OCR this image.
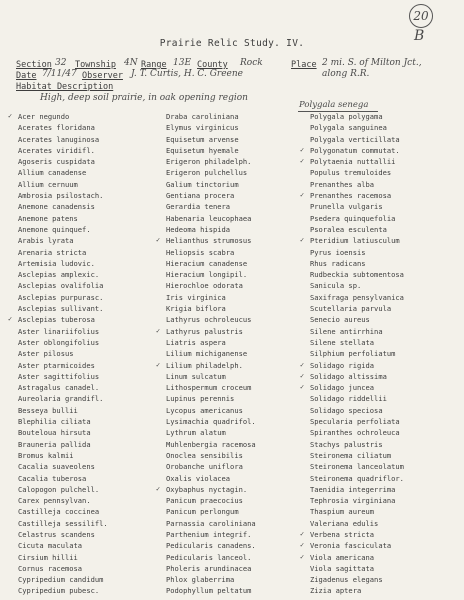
20
B
Prairie Relic Study. IV.
Section 32 Township 4N Range 13E County Rock	Place 2 mi. S. of Milton Jct., along R.R.
Date 7/11/47 Observer J. T. Curtis, H. C. Greene
Habitat Description
High, deep soil prairie, in oak opening region
Polygala senega
✓ Acer negundo
Acerates floridana
Acerates lanuginosa
Acerates viridifl.
Agoseris cuspidata
Allium canadense
Allium cernuum
Ambrosia psilostach.
Anemone canadensis
Anemone patens
Anemone quinquef.
Arabis lyrata
Arenaria stricta
Artemisia ludovic.
Asclepias amplexic.
Asclepias ovalifolia
Asclepias purpurasc.
Asclepias sullivant.
✓ Asclepias tuberosa
Aster linariifolius
Aster oblongifolius
Aster pilosus
Aster ptarmicoides
Aster sagittifolius
Astragalus canadel.
Aureolaria grandifl.
Besseya bullii
Blephilia ciliata
Bouteloua hirsuta
Brauneria pallida
Bromus kalmii
Cacalia suaveolens
Cacalia tuberosa
Calopogon pulchell.
Carex pennsylvan.
Castilleja coccinea
Castilleja sessilifl.
Celastrus scandens
Cicuta maculata
Cirsium hillii
Cornus racemosa
Cypripedium candidum
Cypripedium pubesc.
Draba caroliniana
Elymus virginicus
Equisetum arvense
Equisetum hyemale
Erigeron philadelph.
Erigeron pulchellus
Galium tinctorium
Gentiana procera
Gerardia tenera
Habenaria leucophaea
Hedeoma hispida
✓ Helianthus strumosus
Heliopsis scabra
Hieracium canadense
Hieracium longipil.
Hierochloe odorata
Iris virginica
Krigia biflora
Lathyrus ochroleucus
✓ Lathyrus palustris
Liatris aspera
Lilium michiganense
✓ Lilium philadelph.
Linum sulcatum
Lithospermum croceum
Lupinus perennis
Lycopus americanus
Lysimachia quadrifol.
Lythrum alatum
Muhlenbergia racemosa
Onoclea sensibilis
Orobanche uniflora
Oxalis violacea
✓ Oxybaphus nyctagin.
Panicum praecocius
Panicum perlongum
Parnassia caroliniana
Parthenium integrif.
Pedicularis canadens.
Pedicularis lanceol.
Pholeris arundinacea
Phlox glaberrima
Podophyllum peltatum
Polygala polygama
Polygala sanguinea
Polygala verticillata
✓ Polygonatum commutat.
✓ Polytaenia nuttallii
Populus tremuloides
Prenanthes alba
✓ Prenanthes racemosa
Prunella vulgaris
Psedera quinquefolia
Psoralea esculenta
✓ Pteridium latiusculum
Pyrus ioensis
Rhus radicans
Rudbeckia subtomentosa
Sanicula sp.
Saxifraga pensylvanica
Scutellaria parvula
Senecio aureus
Silene antirrhina
Silene stellata
Silphium perfoliatum
✓ Solidago rigida
✓ Solidago altissima
✓ Solidago juncea
Solidago riddellii
Solidago speciosa
Specularia perfoliata
Spiranthes ochroleuca
Stachys palustris
Steironema ciliatum
Steironema lanceolatum
Steironema quadriflor.
Taenidia integerrima
Tephrosia virginiana
Thaspium aureum
Valeriana edulis
✓ Verbena stricta
✓ Veronia fasciculata
✓ Viola americana
Viola sagittata
Zigadenus elegans
Zizia aptera
